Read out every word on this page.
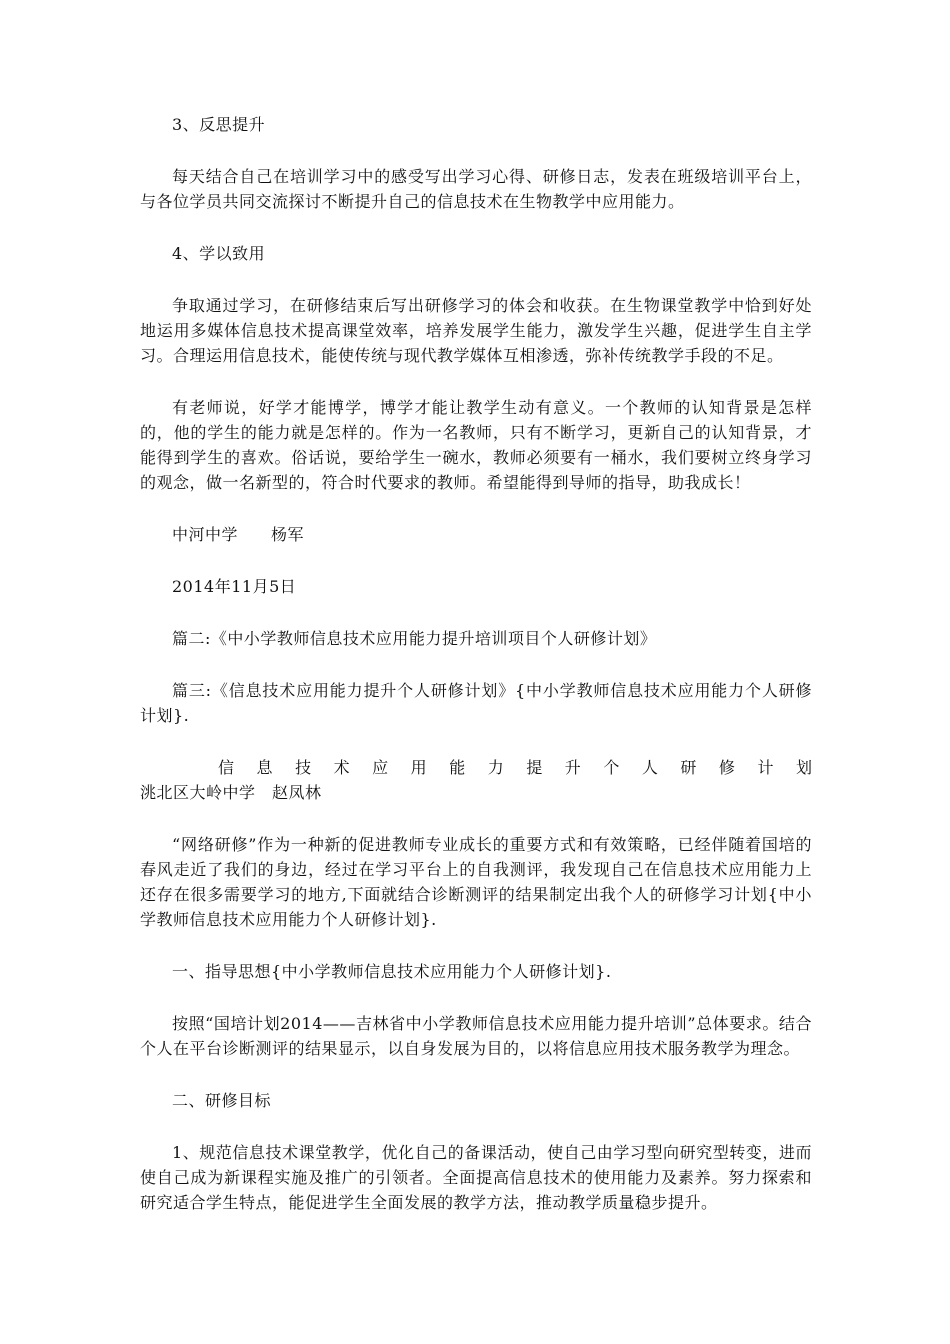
3、反思提升

每天结合自己在培训学习中的感受写出学习心得、研修日志，发表在班级培训平台上，与各位学员共同交流探讨不断提升自己的信息技术在生物教学中应用能力。

4、学以致用

争取通过学习，在研修结束后写出研修学习的体会和收获。在生物课堂教学中恰到好处地运用多媒体信息技术提高课堂效率，培养发展学生能力，激发学生兴趣，促进学生自主学习。合理运用信息技术，能使传统与现代教学媒体互相渗透，弥补传统教学手段的不足。

有老师说，好学才能博学，博学才能让教学生动有意义。一个教师的认知背景是怎样的，他的学生的能力就是怎样的。作为一名教师，只有不断学习，更新自己的认知背景，才能得到学生的喜欢。俗话说，要给学生一碗水，教师必须要有一桶水，我们要树立终身学习的观念，做一名新型的，符合时代要求的教师。希望能得到导师的指导，助我成长！

中河中学　　杨军

2014年11月5日

篇二:《中小学教师信息技术应用能力提升培训项目个人研修计划》

篇三:《信息技术应用能力提升个人研修计划》{中小学教师信息技术应用能力个人研修计划}.

信 息 技 术 应 用 能 力 提 升 个 人 研 修 计 划

洮北区大岭中学　赵凤林

“网络研修”作为一种新的促进教师专业成长的重要方式和有效策略，已经伴随着国培的春风走近了我们的身边，经过在学习平台上的自我测评，我发现自己在信息技术应用能力上还存在很多需要学习的地方,下面就结合诊断测评的结果制定出我个人的研修学习计划{中小学教师信息技术应用能力个人研修计划}.

一、指导思想{中小学教师信息技术应用能力个人研修计划}.

按照“国培计划2014——吉林省中小学教师信息技术应用能力提升培训”总体要求。结合个人在平台诊断测评的结果显示，以自身发展为目的，以将信息应用技术服务教学为理念。

二、研修目标

1、规范信息技术课堂教学，优化自己的备课活动，使自己由学习型向研究型转变，进而使自己成为新课程实施及推广的引领者。全面提高信息技术的使用能力及素养。努力探索和研究适合学生特点，能促进学生全面发展的教学方法，推动教学质量稳步提升。
